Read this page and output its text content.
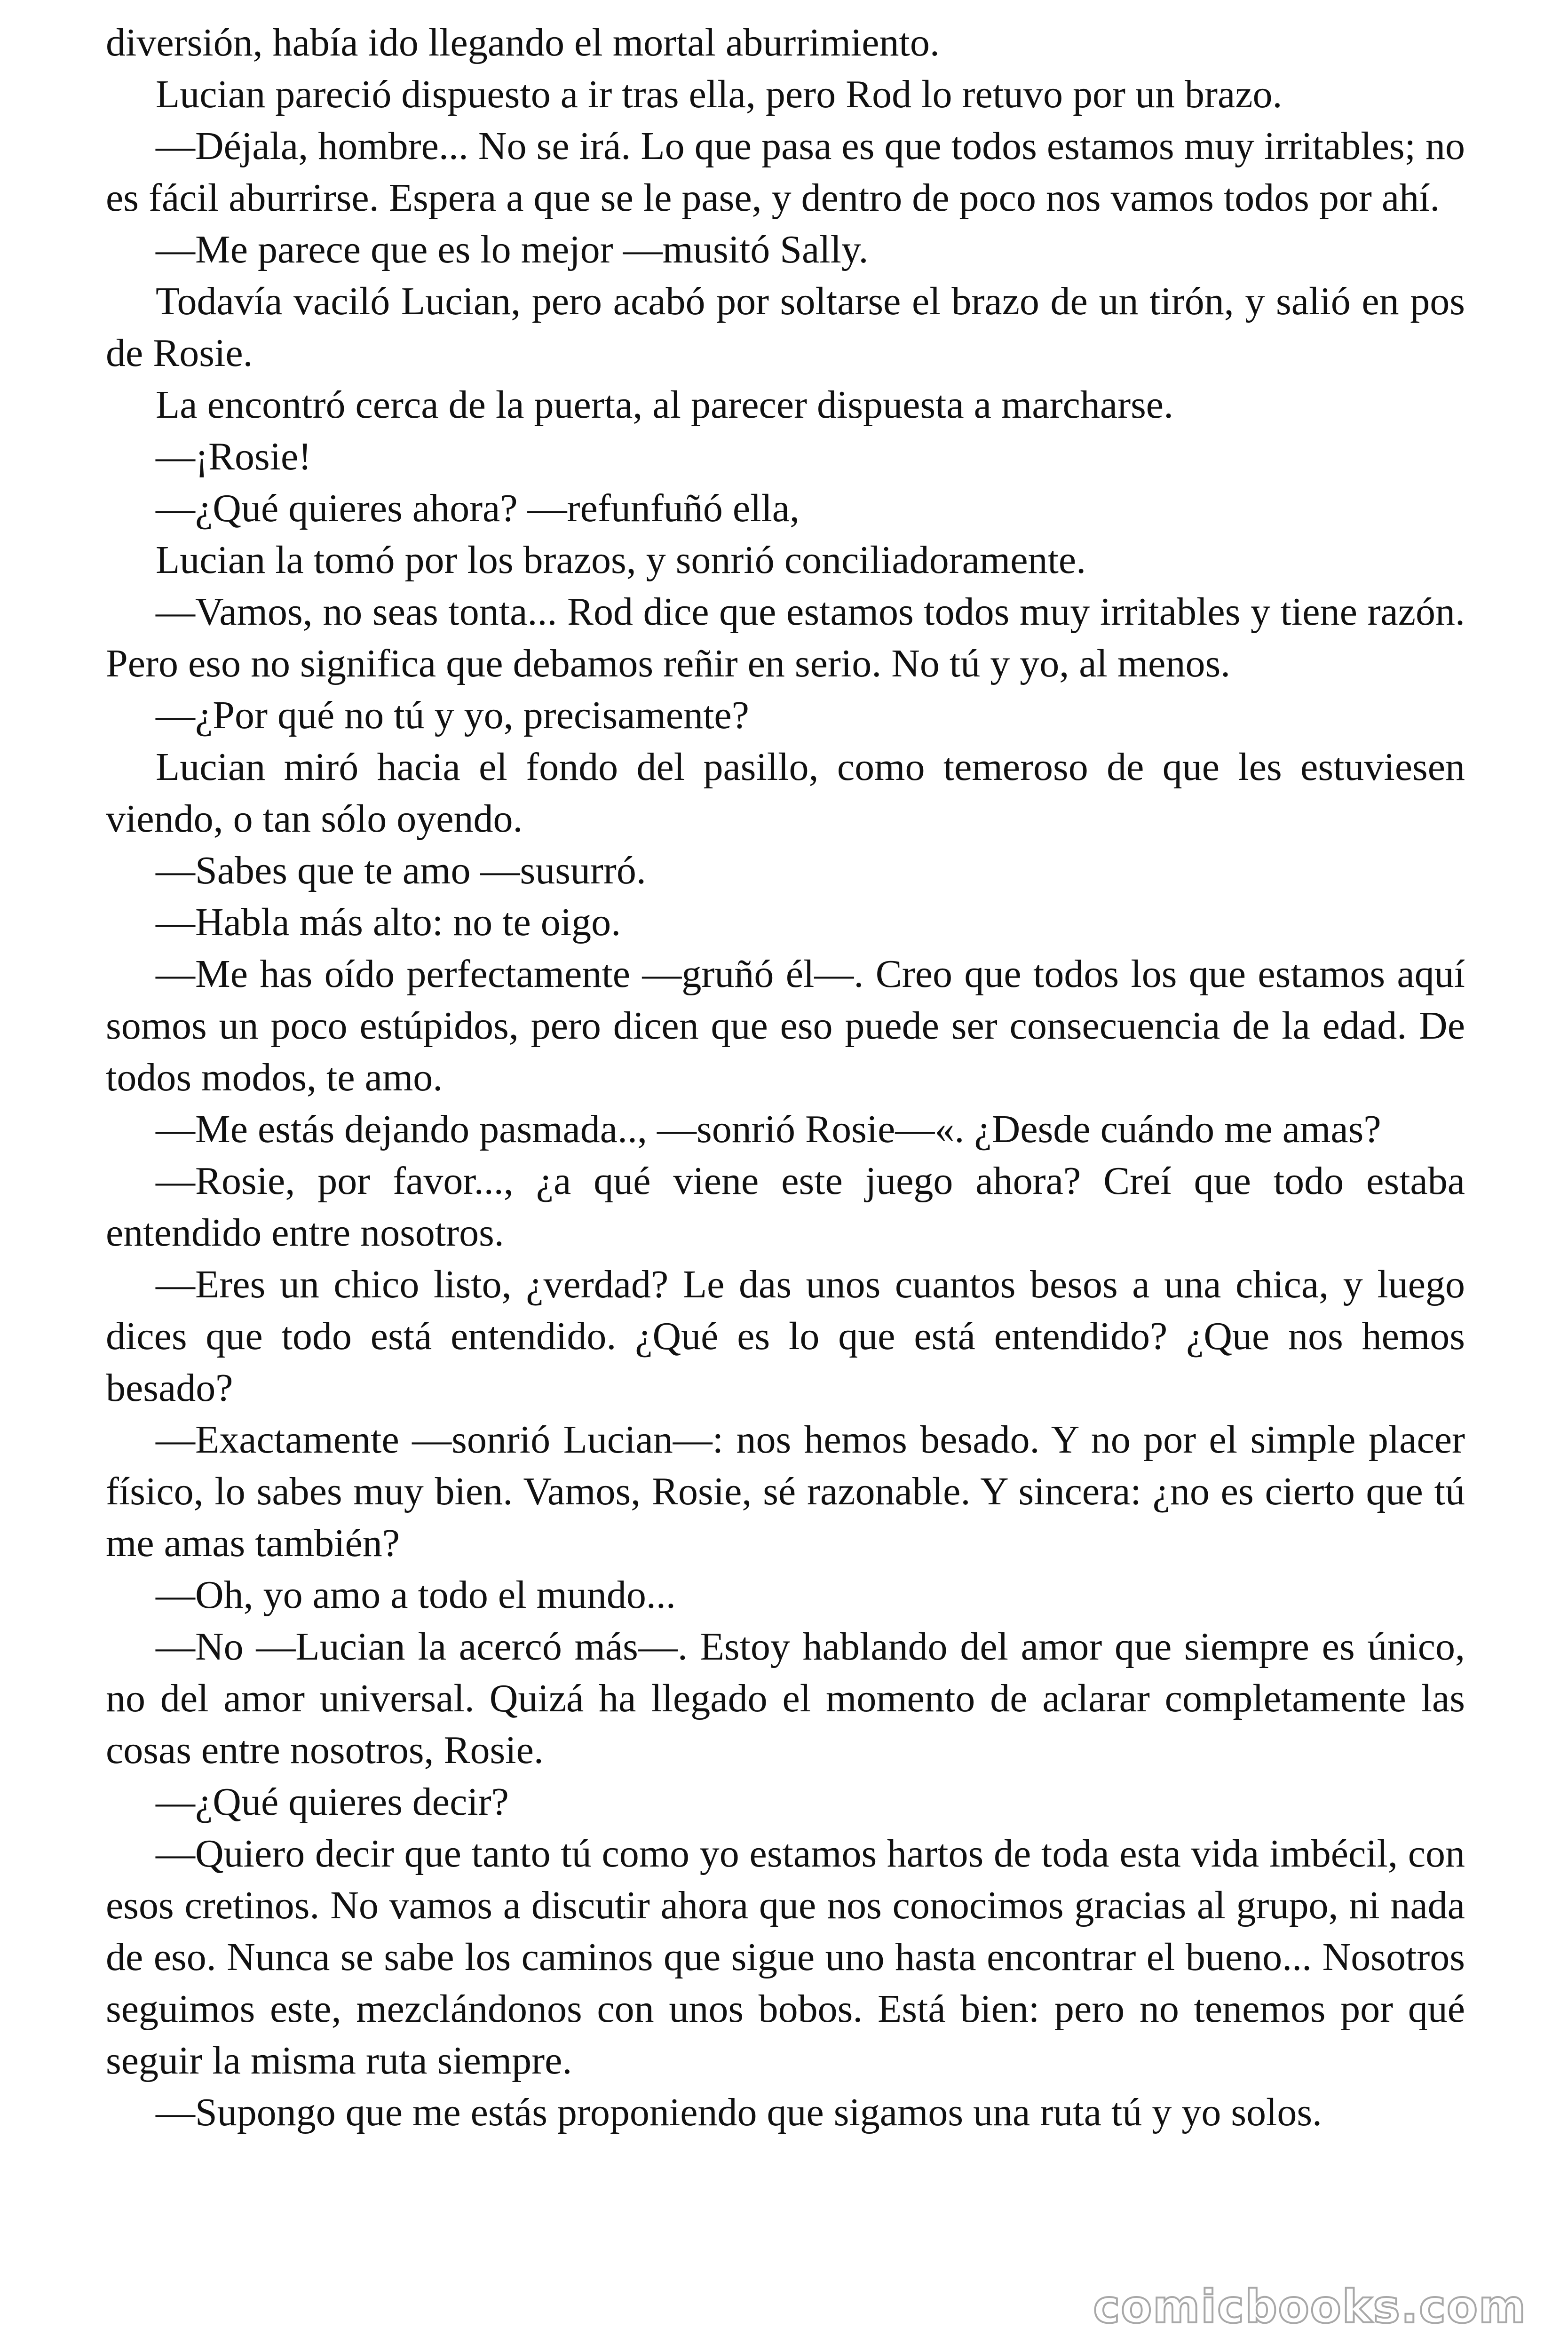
diversión, había ido llegando el mortal aburrimiento.

Lucian pareció dispuesto a ir tras ella, pero Rod lo retuvo por un brazo.

—Déjala, hombre... No se irá. Lo que pasa es que todos estamos muy irritables; no es fácil aburrirse. Espera a que se le pase, y dentro de poco nos vamos todos por ahí.

—Me parece que es lo mejor —musitó Sally.

Todavía vaciló Lucian, pero acabó por soltarse el brazo de un tirón, y salió en pos de Rosie.

La encontró cerca de la puerta, al parecer dispuesta a marcharse.

—¡Rosie!

—¿Qué quieres ahora? —refunfuñó ella,

Lucian la tomó por los brazos, y sonrió conciliadoramente.

—Vamos, no seas tonta... Rod dice que estamos todos muy irritables y tiene razón. Pero eso no significa que debamos reñir en serio. No tú y yo, al menos.

—¿Por qué no tú y yo, precisamente?

Lucian miró hacia el fondo del pasillo, como temeroso de que les estuviesen viendo, o tan sólo oyendo.

—Sabes que te amo —susurró.

—Habla más alto: no te oigo.

—Me has oído perfectamente —gruñó él—. Creo que todos los que estamos aquí somos un poco estúpidos, pero dicen que eso puede ser consecuencia de la edad. De todos modos, te amo.

—Me estás dejando pasmada.., —sonrió Rosie—«. ¿Desde cuándo me amas?

—Rosie, por favor..., ¿a qué viene este juego ahora? Creí que todo estaba entendido entre nosotros.

—Eres un chico listo, ¿verdad? Le das unos cuantos besos a una chica, y luego dices que todo está entendido. ¿Qué es lo que está entendido? ¿Que nos hemos besado?

—Exactamente —sonrió Lucian—: nos hemos besado. Y no por el simple placer físico, lo sabes muy bien. Vamos, Rosie, sé razonable. Y sincera: ¿no es cierto que tú me amas también?

—Oh, yo amo a todo el mundo...

—No —Lucian la acercó más—. Estoy hablando del amor que siempre es único, no del amor universal. Quizá ha llegado el momento de aclarar completamente las cosas entre nosotros, Rosie.

—¿Qué quieres decir?

—Quiero decir que tanto tú como yo estamos hartos de toda esta vida imbécil, con esos cretinos. No vamos a discutir ahora que nos conocimos gracias al grupo, ni nada de eso. Nunca se sabe los caminos que sigue uno hasta encontrar el bueno... Nosotros seguimos este, mezclándonos con unos bobos. Está bien: pero no tenemos por qué seguir la misma ruta siempre.

—Supongo que me estás proponiendo que sigamos una ruta tú y yo solos.

comicbooks.com
